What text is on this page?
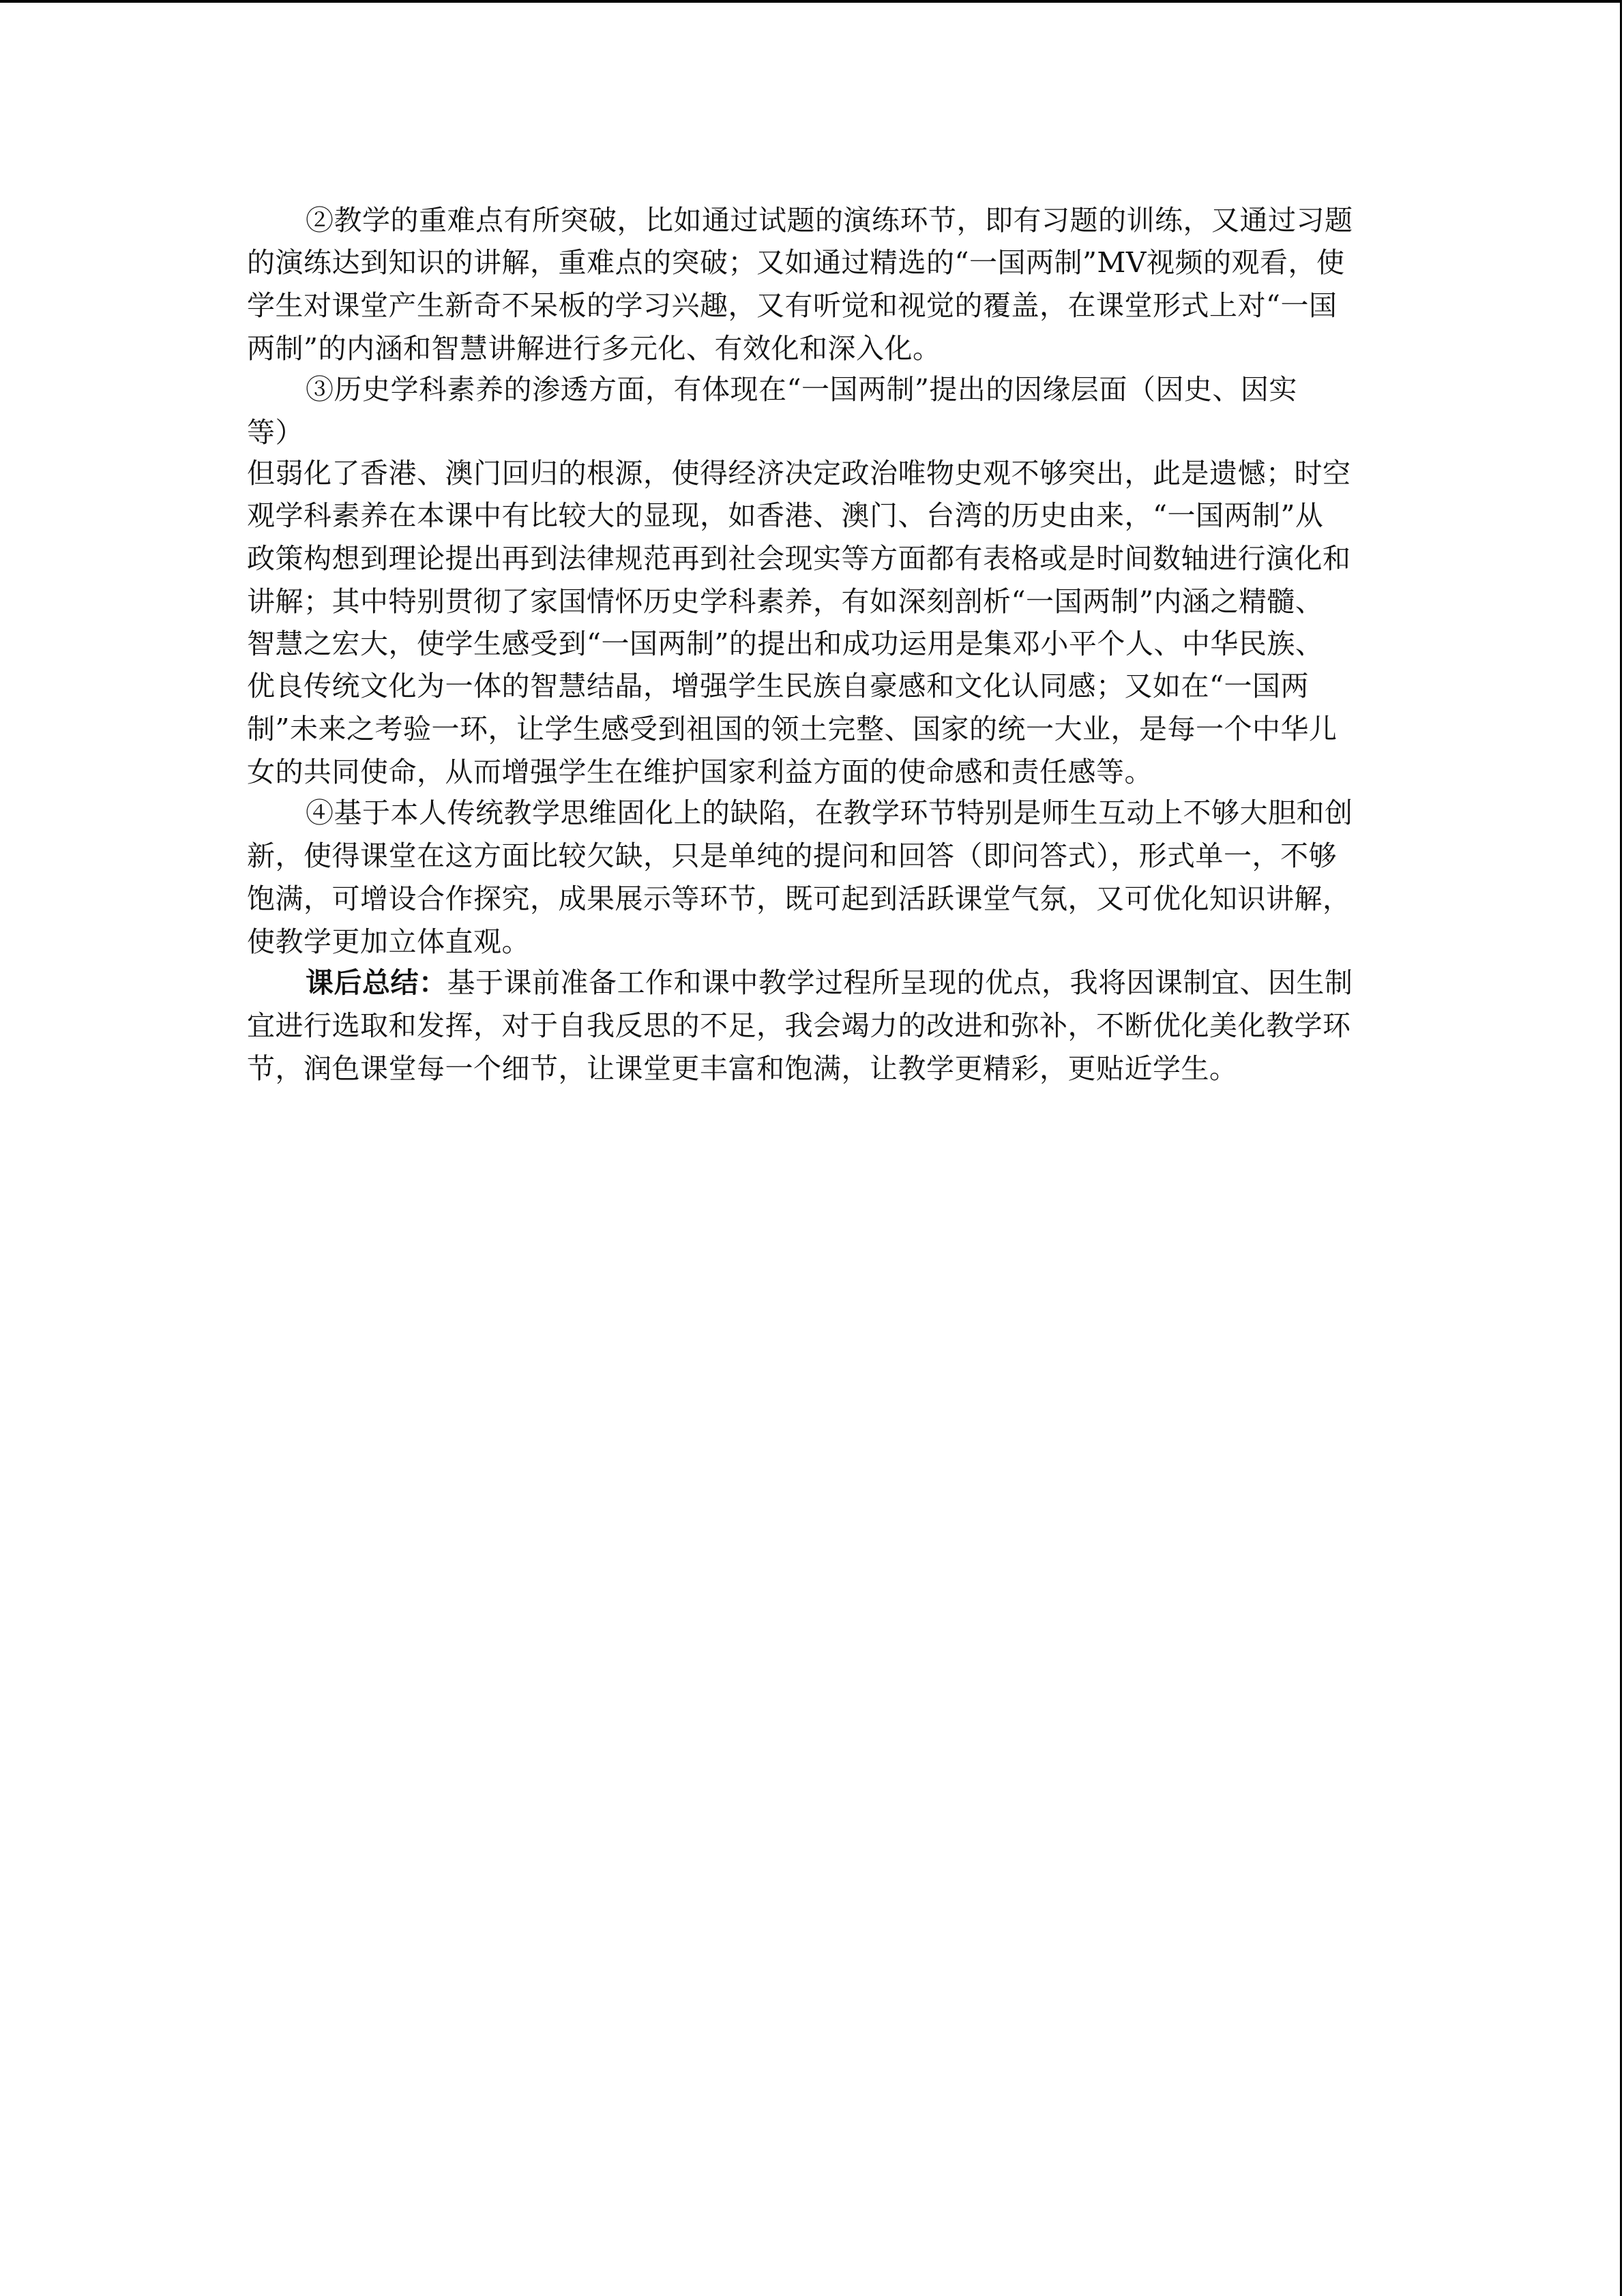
②教学的重难点有所突破，比如通过试题的演练环节，即有习题的训练，又通过习题
的演练达到知识的讲解，重难点的突破；又如通过精选的“一国两制”MV视频的观看，使
学生对课堂产生新奇不呆板的学习兴趣，又有听觉和视觉的覆盖，在课堂形式上对“一国
两制”的内涵和智慧讲解进行多元化、有效化和深入化。
③历史学科素养的渗透方面，有体现在“一国两制”提出的因缘层面（因史、因实
等）
但弱化了香港、澳门回归的根源，使得经济决定政治唯物史观不够突出，此是遗憾；时空
观学科素养在本课中有比较大的显现，如香港、澳门、台湾的历史由来，“一国两制”从
政策构想到理论提出再到法律规范再到社会现实等方面都有表格或是时间数轴进行演化和
讲解；其中特别贯彻了家国情怀历史学科素养，有如深刻剖析“一国两制”内涵之精髓、
智慧之宏大，使学生感受到“一国两制”的提出和成功运用是集邓小平个人、中华民族、
优良传统文化为一体的智慧结晶，增强学生民族自豪感和文化认同感；又如在“一国两
制”未来之考验一环，让学生感受到祖国的领土完整、国家的统一大业，是每一个中华儿
女的共同使命，从而增强学生在维护国家利益方面的使命感和责任感等。
④基于本人传统教学思维固化上的缺陷，在教学环节特别是师生互动上不够大胆和创
新，使得课堂在这方面比较欠缺，只是单纯的提问和回答（即问答式），形式单一，不够
饱满，可增设合作探究，成果展示等环节，既可起到活跃课堂气氛，又可优化知识讲解，
使教学更加立体直观。
课后总结：基于课前准备工作和课中教学过程所呈现的优点，我将因课制宜、因生制
宜进行选取和发挥，对于自我反思的不足，我会竭力的改进和弥补，不断优化美化教学环
节，润色课堂每一个细节，让课堂更丰富和饱满，让教学更精彩，更贴近学生。
